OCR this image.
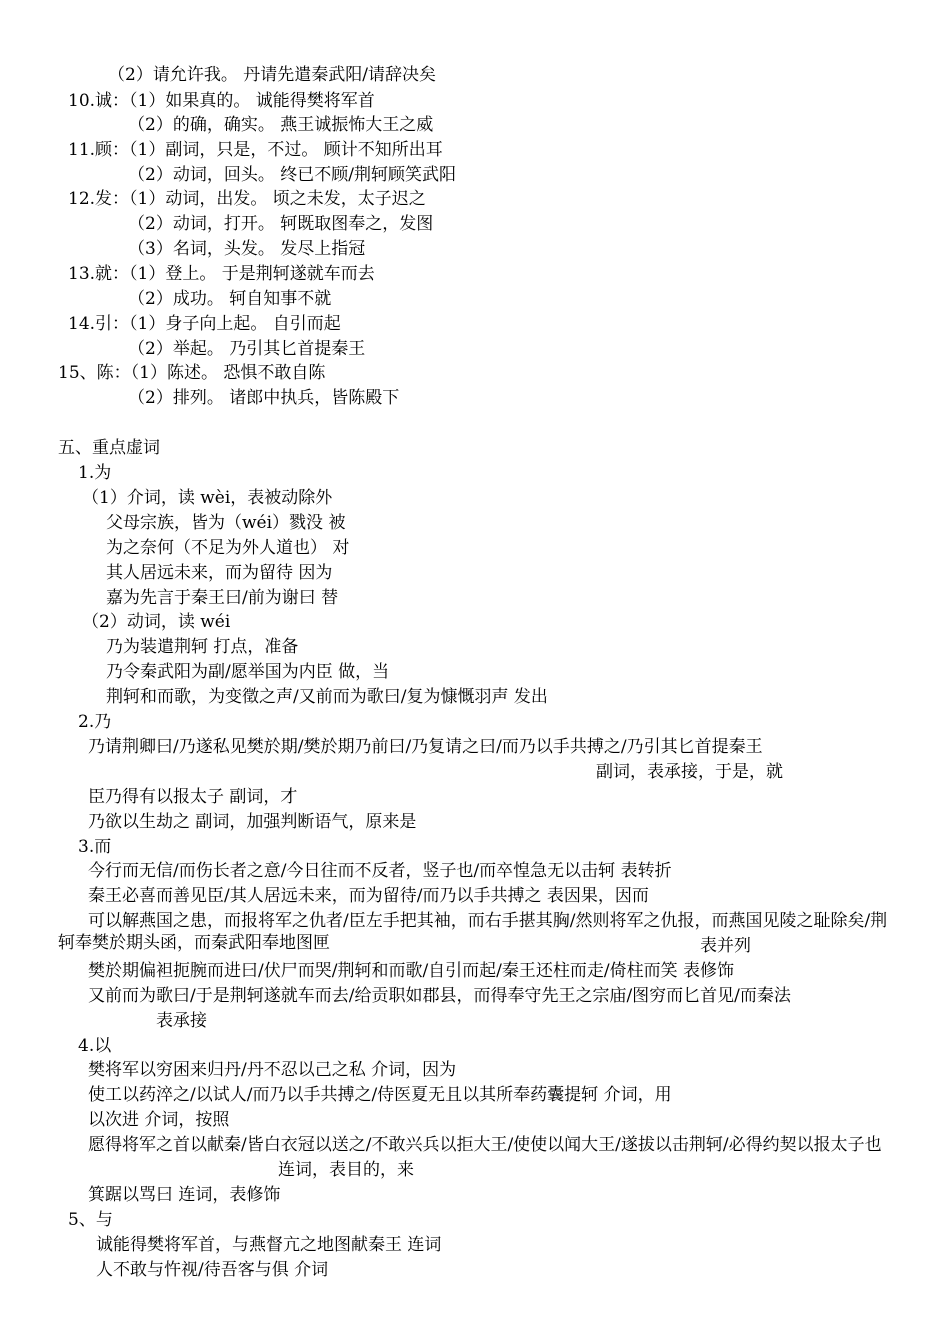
（2）请允许我。 丹请先遣秦武阳/请辞决矣
10.诚：（1）如果真的。 诚能得樊将军首
（2）的确，确实。 燕王诚振怖大王之威
11.顾：（1）副词，只是，不过。 顾计不知所出耳
（2）动词，回头。 终已不顾/荆轲顾笑武阳
12.发：（1）动词，出发。 顷之未发，太子迟之
（2）动词，打开。 轲既取图奉之，发图
（3）名词，头发。 发尽上指冠
13.就：（1）登上。 于是荆轲遂就车而去
（2）成功。 轲自知事不就
14.引：（1）身子向上起。 自引而起
（2）举起。 乃引其匕首提秦王
15、陈：（1）陈述。 恐惧不敢自陈
（2）排列。 诸郎中执兵，皆陈殿下
五、重点虚词
1.为
（1）介词，读 wèi，表被动除外
父母宗族，皆为（wéi）戮没 被
为之奈何（不足为外人道也） 对
其人居远未来，而为留待 因为
嘉为先言于秦王曰/前为谢曰 替
（2）动词，读 wéi
乃为装遣荆轲 打点，准备
乃令秦武阳为副/愿举国为内臣 做，当
荆轲和而歌，为变徵之声/又前而为歌曰/复为慷慨羽声 发出
2.乃
乃请荆卿曰/乃遂私见樊於期/樊於期乃前曰/乃复请之曰/而乃以手共搏之/乃引其匕首提秦王
副词，表承接，于是，就
臣乃得有以报太子 副词，才
乃欲以生劫之 副词，加强判断语气，原来是
3.而
今行而无信/而伤长者之意/今日往而不反者，竖子也/而卒惶急无以击轲 表转折
秦王必喜而善见臣/其人居远未来，而为留待/而乃以手共搏之 表因果，因而
可以解燕国之患，而报将军之仇者/臣左手把其袖，而右手揕其胸/然则将军之仇报，而燕国见陵之耻除矣/荆轲奉樊於期头函，而秦武阳奉地图匣	表并列
樊於期偏袒扼腕而进曰/伏尸而哭/荆轲和而歌/自引而起/秦王还柱而走/倚柱而笑 表修饰
又前而为歌曰/于是荆轲遂就车而去/给贡职如郡县，而得奉守先王之宗庙/图穷而匕首见/而秦法
表承接
4.以
樊将军以穷困来归丹/丹不忍以己之私 介词，因为
使工以药淬之/以试人/而乃以手共搏之/侍医夏无且以其所奉药囊提轲 介词，用
以次进 介词，按照
愿得将军之首以献秦/皆白衣冠以送之/不敢兴兵以拒大王/使使以闻大王/遂拔以击荆轲/必得约契以报太子也
连词，表目的，来
箕踞以骂曰 连词，表修饰
5、与
诚能得樊将军首，与燕督亢之地图献秦王 连词
人不敢与忤视/待吾客与俱 介词
